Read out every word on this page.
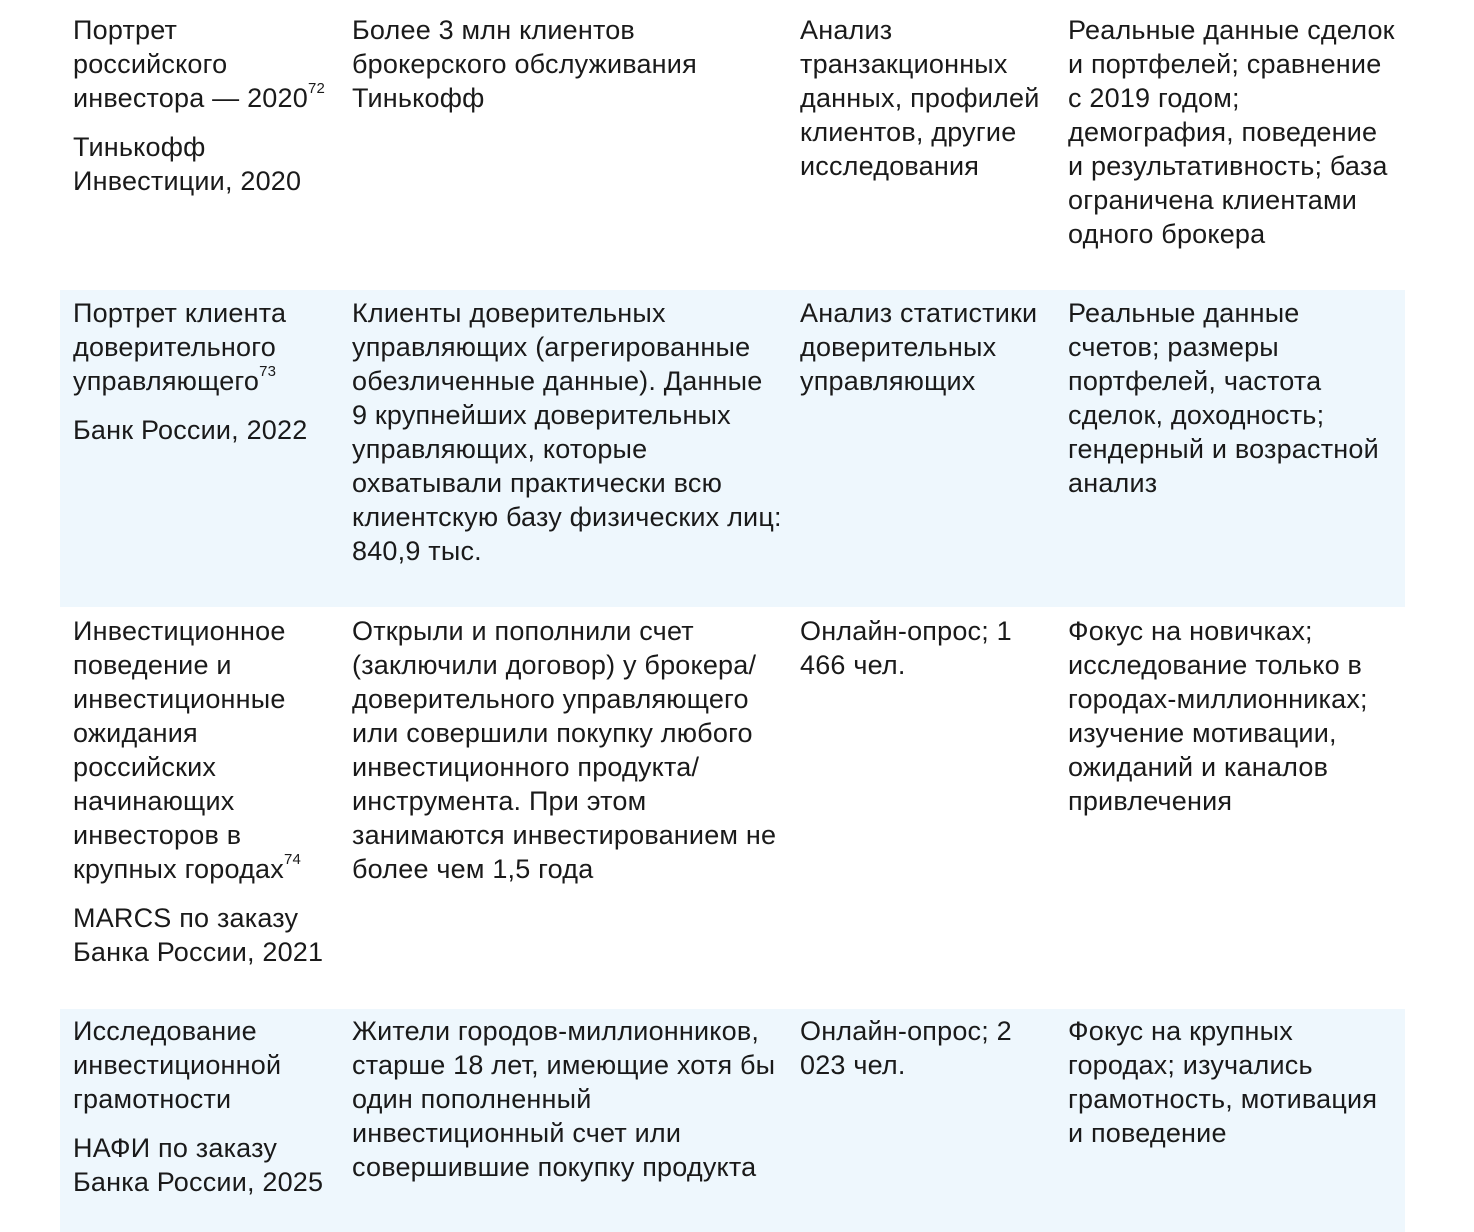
Портрет российского инвестора — 2020$^{72}$

Тинькофф Инвестиции, 2020

Более 3 млн клиентов брокерского обслуживания Тинькофф

Анализ транзакционных данных, профилей клиентов, другие исследования

Реальные данные сделок и портфелей; сравнение с 2019 годом; демография, поведение и результативность; база ограничена клиентами одного брокера

Портрет клиента доверительного управляющего$^{73}$

Банк России, 2022

Клиенты доверительных управляющих (агрегированные обезличенные данные). Данные 9 крупнейших доверительных управляющих, которые охватывали практически всю клиентскую базу физических лиц: 840,9 тыс.

Анализ статистики доверительных управляющих

Реальные данные счетов; размеры портфелей, частота сделок, доходность; гендерный и возрастной анализ

Инвестиционное поведение и инвестиционные ожидания российских начинающих инвесторов в крупных городах$^{74}$

MARCS по заказу Банка России, 2021

Открыли и пополнили счет (заключили договор) у брокера/доверительного управляющего или совершили покупку любого инвестиционного продукта/ инструмента. При этом занимаются инвестированием не более чем 1,5 года

Онлайн-опрос; 1 466 чел.

Фокус на новичках; исследование только в городах-миллионниках; изучение мотивации, ожиданий и каналов привлечения

Исследование инвестиционной грамотности

НАФИ по заказу Банка России, 2025

Жители городов-миллионников, старше 18 лет, имеющие хотя бы один пополненный инвестиционный счет или совершившие покупку продукта

Онлайн-опрос; 2 023 чел.

Фокус на крупных городах; изучались грамотность, мотивация и поведение
